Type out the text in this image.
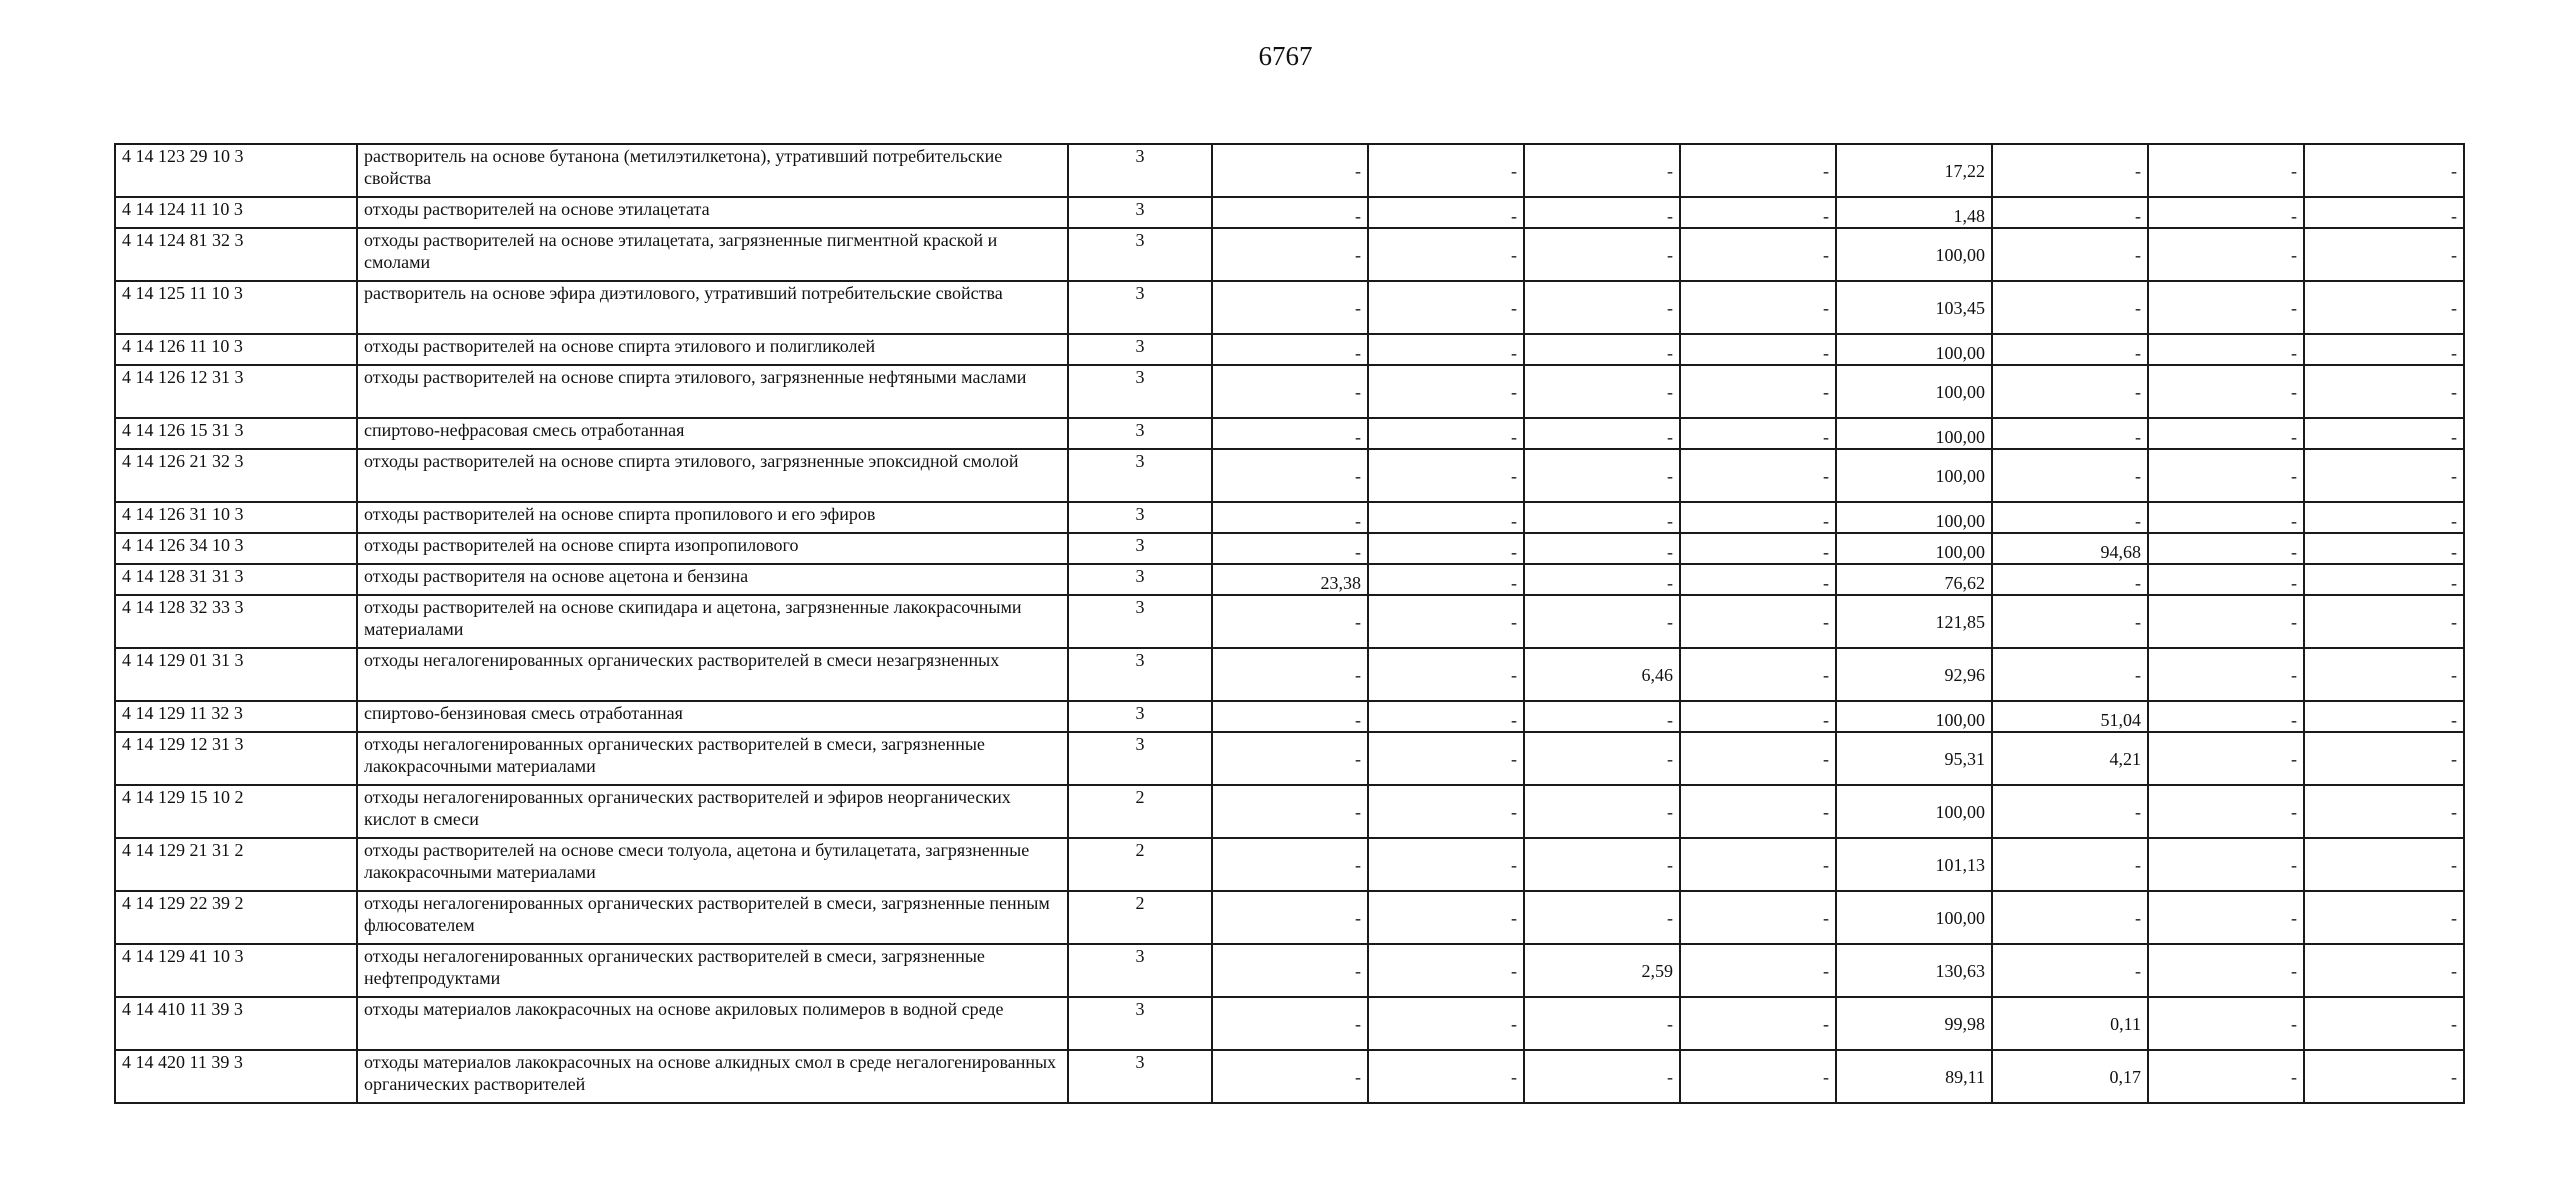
6767
4 14 123 29 10 3	растворитель на основе бутанона (метилэтилкетона), утративший потребительские свойства	3	-	-	-	-	17,22	-	-	-
4 14 124 11 10 3	отходы растворителей на основе этилацетата	3	-	-	-	-	1,48	-	-	-
4 14 124 81 32 3	отходы растворителей на основе этилацетата, загрязненные пигментной краской и смолами	3	-	-	-	-	100,00	-	-	-
4 14 125 11 10 3	растворитель на основе эфира диэтилового, утративший потребительские свойства	3	-	-	-	-	103,45	-	-	-
4 14 126 11 10 3	отходы растворителей на основе спирта этилового и полигликолей	3	-	-	-	-	100,00	-	-	-
4 14 126 12 31 3	отходы растворителей на основе спирта этилового, загрязненные нефтяными маслами	3	-	-	-	-	100,00	-	-	-
4 14 126 15 31 3	спиртово-нефрасовая смесь отработанная	3	-	-	-	-	100,00	-	-	-
4 14 126 21 32 3	отходы растворителей на основе спирта этилового, загрязненные эпоксидной смолой	3	-	-	-	-	100,00	-	-	-
4 14 126 31 10 3	отходы растворителей на основе спирта пропилового и его эфиров	3	-	-	-	-	100,00	-	-	-
4 14 126 34 10 3	отходы растворителей на основе спирта изопропилового	3	-	-	-	-	100,00	94,68	-	-
4 14 128 31 31 3	отходы растворителя на основе ацетона и бензина	3	23,38	-	-	-	76,62	-	-	-
4 14 128 32 33 3	отходы растворителей на основе скипидара и ацетона, загрязненные лакокрасочными материалами	3	-	-	-	-	121,85	-	-	-
4 14 129 01 31 3	отходы негалогенированных органических растворителей в смеси незагрязненных	3	-	-	6,46	-	92,96	-	-	-
4 14 129 11 32 3	спиртово-бензиновая смесь отработанная	3	-	-	-	-	100,00	51,04	-	-
4 14 129 12 31 3	отходы негалогенированных органических растворителей в смеси, загрязненные лакокрасочными материалами	3	-	-	-	-	95,31	4,21	-	-
4 14 129 15 10 2	отходы негалогенированных органических растворителей и эфиров неорганических кислот в смеси	2	-	-	-	-	100,00	-	-	-
4 14 129 21 31 2	отходы растворителей на основе смеси толуола, ацетона и бутилацетата, загрязненные лакокрасочными материалами	2	-	-	-	-	101,13	-	-	-
4 14 129 22 39 2	отходы негалогенированных органических растворителей в смеси, загрязненные пенным флюсователем	2	-	-	-	-	100,00	-	-	-
4 14 129 41 10 3	отходы негалогенированных органических растворителей в смеси, загрязненные нефтепродуктами	3	-	-	2,59	-	130,63	-	-	-
4 14 410 11 39 3	отходы материалов лакокрасочных на основе акриловых полимеров в водной среде	3	-	-	-	-	99,98	0,11	-	-
4 14 420 11 39 3	отходы материалов лакокрасочных на основе алкидных смол в среде негалогенированных органических растворителей	3	-	-	-	-	89,11	0,17	-	-
